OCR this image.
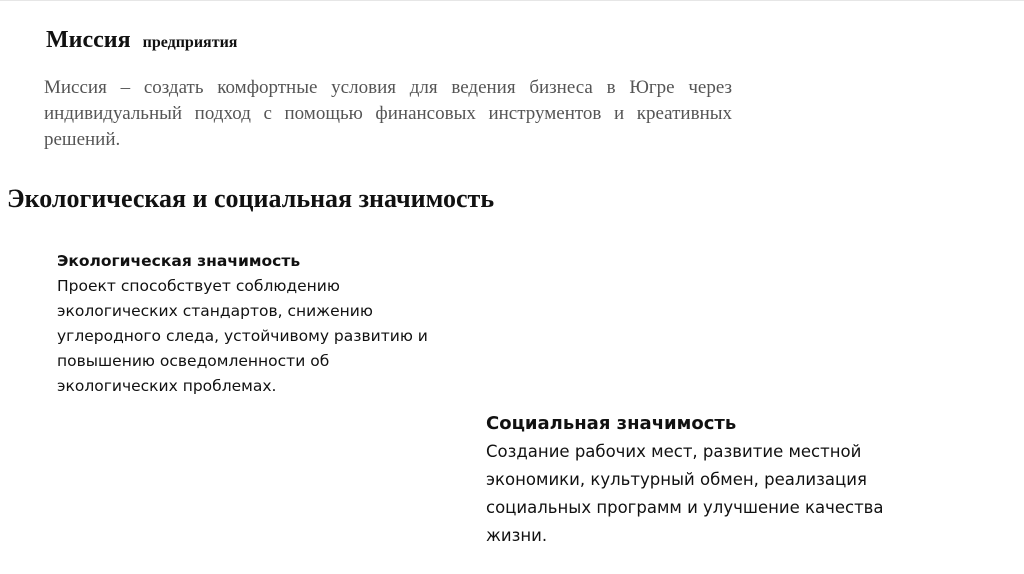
Миссия предприятия
Миссия – создать комфортные условия для ведения бизнеса в Югре через индивидуальный подход с помощью финансовых инструментов и креативных решений.
Экологическая и социальная значимость
Экологическая значимость
Проект способствует соблюдению
экологических стандартов, снижению
углеродного следа, устойчивому развитию и
повышению осведомленности об
экологических проблемах.
Социальная значимость
Создание рабочих мест, развитие местной
экономики, культурный обмен, реализация
социальных программ и улучшение качества
жизни.
